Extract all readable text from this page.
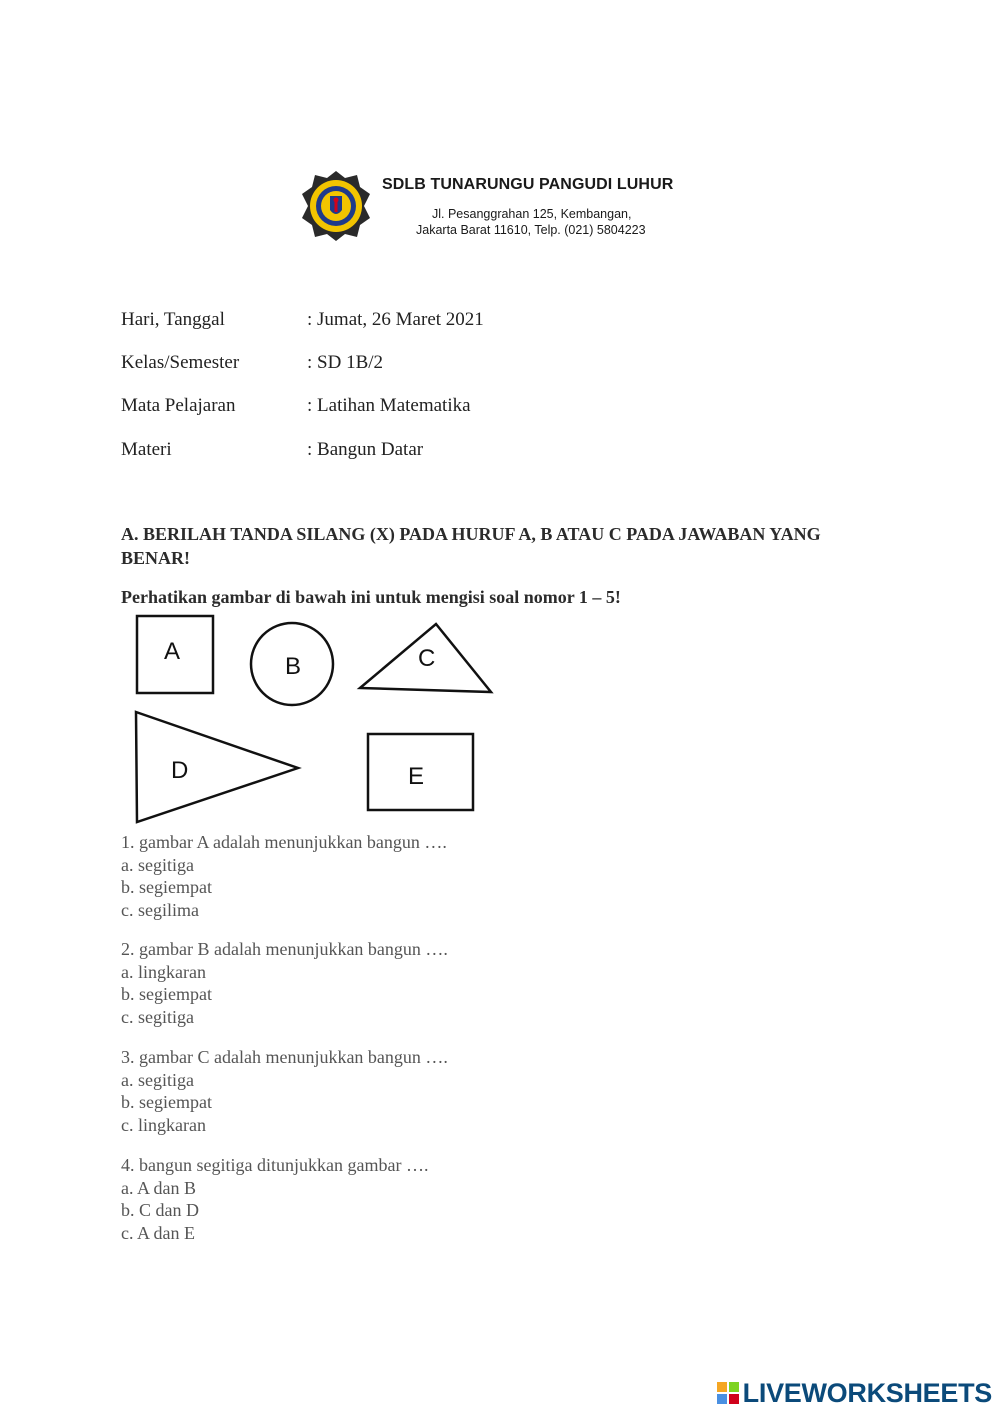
SDLB TUNARUNGU PANGUDI LUHUR
Jl. Pesanggrahan 125, Kembangan,
Jakarta Barat 11610, Telp. (021) 5804223
Hari, Tanggal	: Jumat, 26 Maret 2021
Kelas/Semester	: SD 1B/2
Mata Pelajaran	: Latihan Matematika
Materi	: Bangun Datar
A. BERILAH TANDA SILANG (X) PADA HURUF A, B ATAU C PADA JAWABAN YANG BENAR!
Perhatikan gambar di bawah ini untuk mengisi soal nomor 1 – 5!
A
B	C
D	E
1. gambar A adalah menunjukkan bangun ….
a. segitiga
b. segiempat
c. segilima
2. gambar B adalah menunjukkan bangun ….
a. lingkaran
b. segiempat
c. segitiga
3. gambar C adalah menunjukkan bangun ….
a. segitiga
b. segiempat
c. lingkaran
4. bangun segitiga ditunjukkan gambar ….
a. A dan B
b. C dan D
c. A dan E
LIVEWORKSHEETS
